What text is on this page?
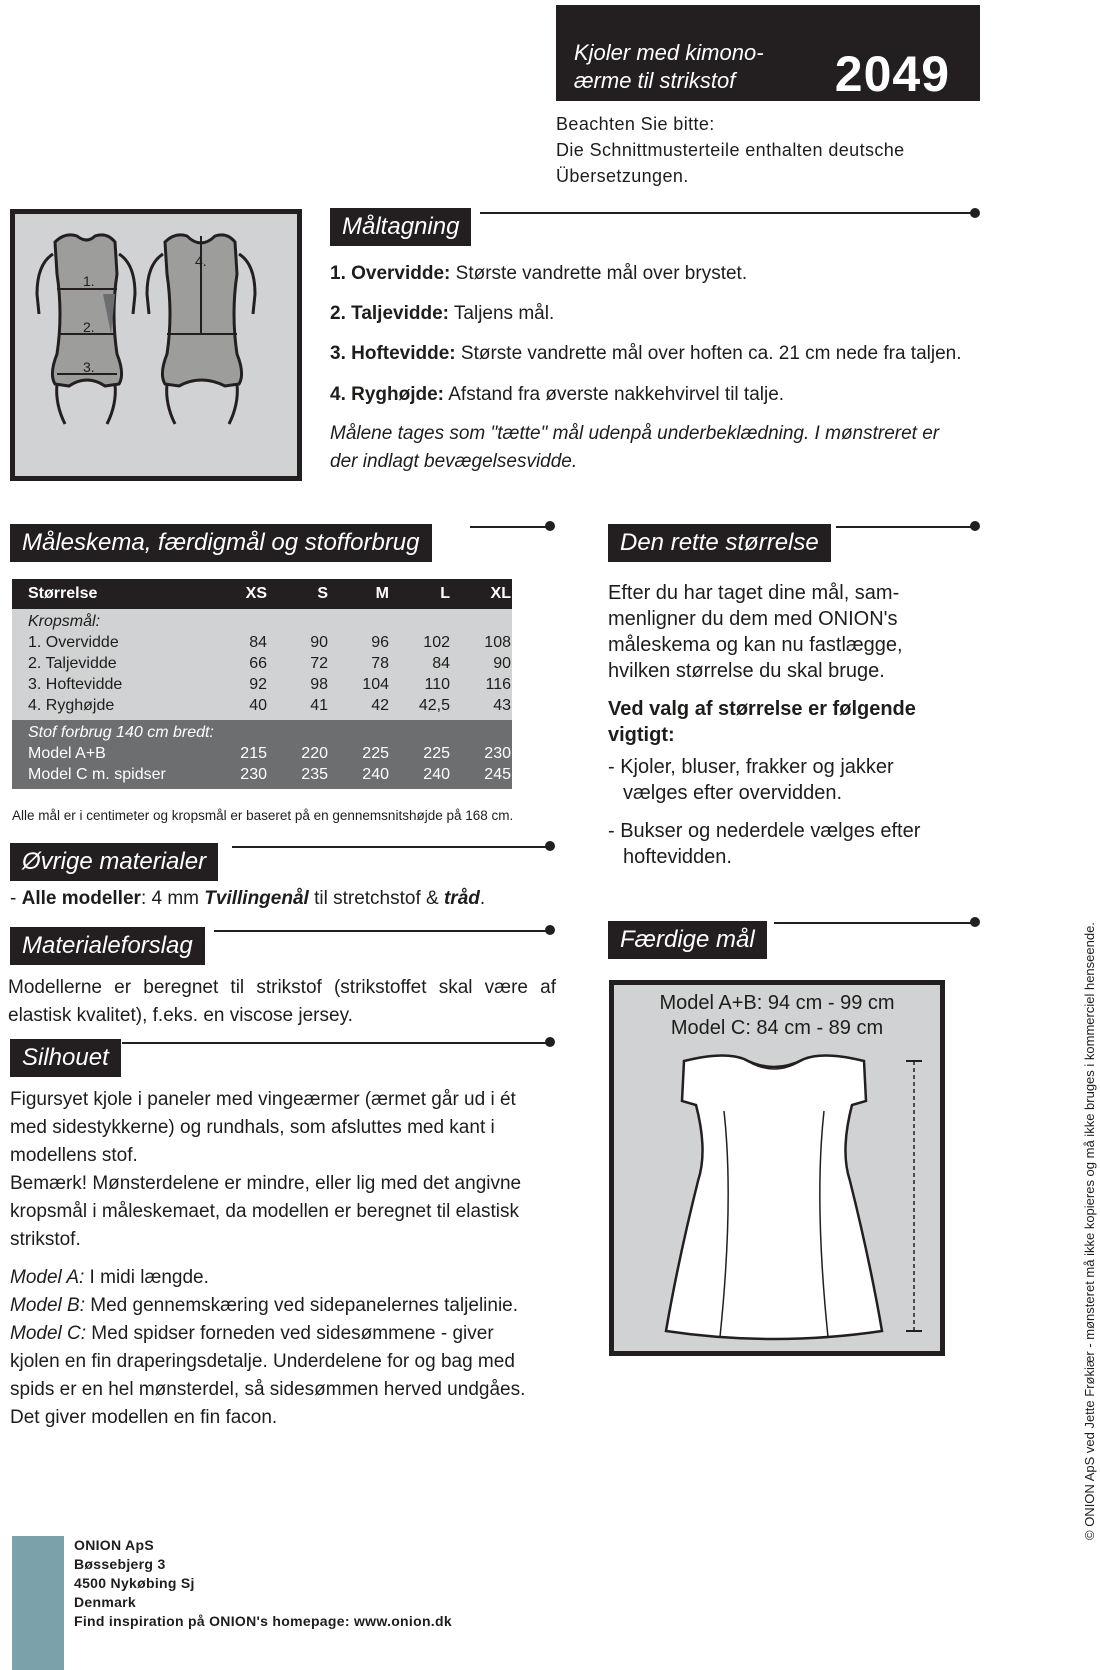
Kjoler med kimono-
ærme til strikstof	2049
Beachten Sie bitte:
Die Schnittmusterteile enthalten deutsche
Übersetzungen.
1.
2.
3.
4.
Måltagning
1. Overvidde: Største vandrette mål over brystet.
2. Taljevidde: Taljens mål.
3. Hoftevidde: Største vandrette mål over hoften ca. 21 cm nede fra taljen.
4. Ryghøjde: Afstand fra øverste nakkehvirvel til talje.
Målene tages som "tætte" mål udenpå underbeklædning. I mønstreret er
der indlagt bevægelsesvidde.
Måleskema, færdigmål og stofforbrug
Størrelse	XS	S	M	L	XL
Kropsmål:
1. Overvidde	84	90	96	102	108
2. Taljevidde	66	72	78	84	90
3. Hoftevidde	92	98	104	110	116
4. Ryghøjde	40	41	42	42,5	43
Stof forbrug 140 cm bredt:
Model A+B	215	220	225	225	230
Model C m. spidser	230	235	240	240	245
Alle mål er i centimeter og kropsmål er baseret på en gennemsnitshøjde på 168 cm.
Øvrige materialer
- Alle modeller: 4 mm Tvillingenål til stretchstof & tråd.
Materialeforslag
Modellerne er beregnet til strikstof (strikstoffet skal være af
elastisk kvalitet), f.eks. en viscose jersey.
Silhouet
Figursyet kjole i paneler med vingeærmer (ærmet går ud i ét
med sidestykkerne) og rundhals, som afsluttes med kant i
modellens stof.
Bemærk! Mønsterdelene er mindre, eller lig med det angivne
kropsmål i måleskemaet, da modellen er beregnet til elastisk
strikstof.
Model A: I midi længde.
Model B: Med gennemskæring ved sidepanelernes taljelinie.
Model C: Med spidser forneden ved sidesømmene - giver
kjolen en fin draperingsdetalje. Underdelene for og bag med
spids er en hel mønsterdel, så sidesømmen herved undgåes.
Det giver modellen en fin facon.
Den rette størrelse
Efter du har taget dine mål, sam-
menligner du dem med ONION's
måleskema og kan nu fastlægge,
hvilken størrelse du skal bruge.
Ved valg af størrelse er følgende
vigtigt:
- Kjoler, bluser, frakker og jakker
vælges efter overvidden.
- Bukser og nederdele vælges efter
hoftevidden.
Færdige mål
Model A+B: 94 cm - 99 cm
Model C: 84 cm - 89 cm	© ONION ApS ved Jette Frøkiær - mønsteret må ikke kopieres og må ikke bruges i kommerciel henseende.
ONION ApS
Bøssebjerg 3
4500 Nykøbing Sj
Denmark
Find inspiration på ONION's homepage: www.onion.dk
